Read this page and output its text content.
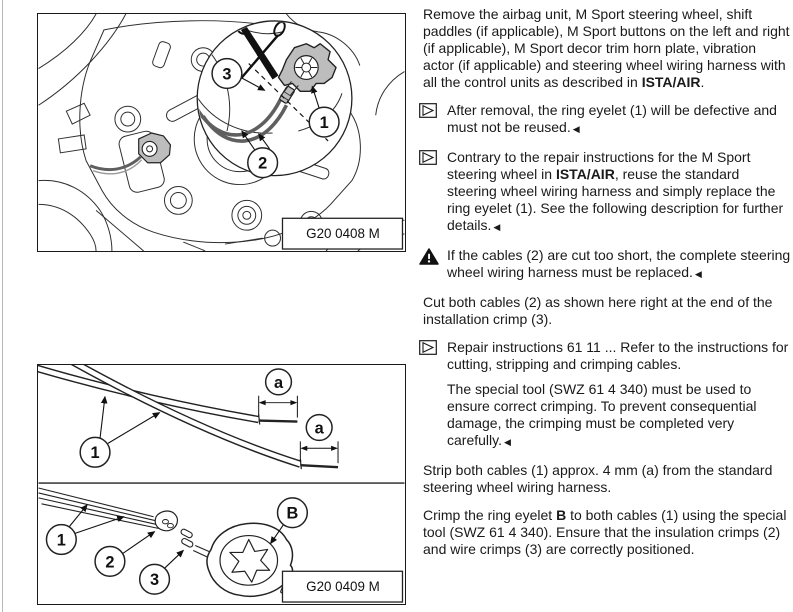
3
1
2
G20 0408 M
a
a
1
B
1
2
3	G20 0409 M

Remove the airbag unit, M Sport steering wheel, shift paddles (if applicable), M Sport buttons on the left and right (if applicable), M Sport decor trim horn plate, vibration actor (if applicable) and steering wheel wiring harness with all the control units as described in ISTA/AIR.

After removal, the ring eyelet (1) will be defective and must not be reused. ◀

Contrary to the repair instructions for the M Sport steering wheel in ISTA/AIR, reuse the standard steering wheel wiring harness and simply replace the ring eyelet (1). See the following description for further details. ◀

If the cables (2) are cut too short, the complete steering wheel wiring harness must be replaced. ◀

Cut both cables (2) as shown here right at the end of the installation crimp (3).

Repair instructions 61 11 ... Refer to the instructions for cutting, stripping and crimping cables.

The special tool (SWZ 61 4 340) must be used to ensure correct crimping. To prevent consequential damage, the crimping must be completed very carefully. ◀

Strip both cables (1) approx. 4 mm (a) from the standard steering wheel wiring harness.

Crimp the ring eyelet B to both cables (1) using the special tool (SWZ 61 4 340). Ensure that the insulation crimps (2) and wire crimps (3) are correctly positioned.
